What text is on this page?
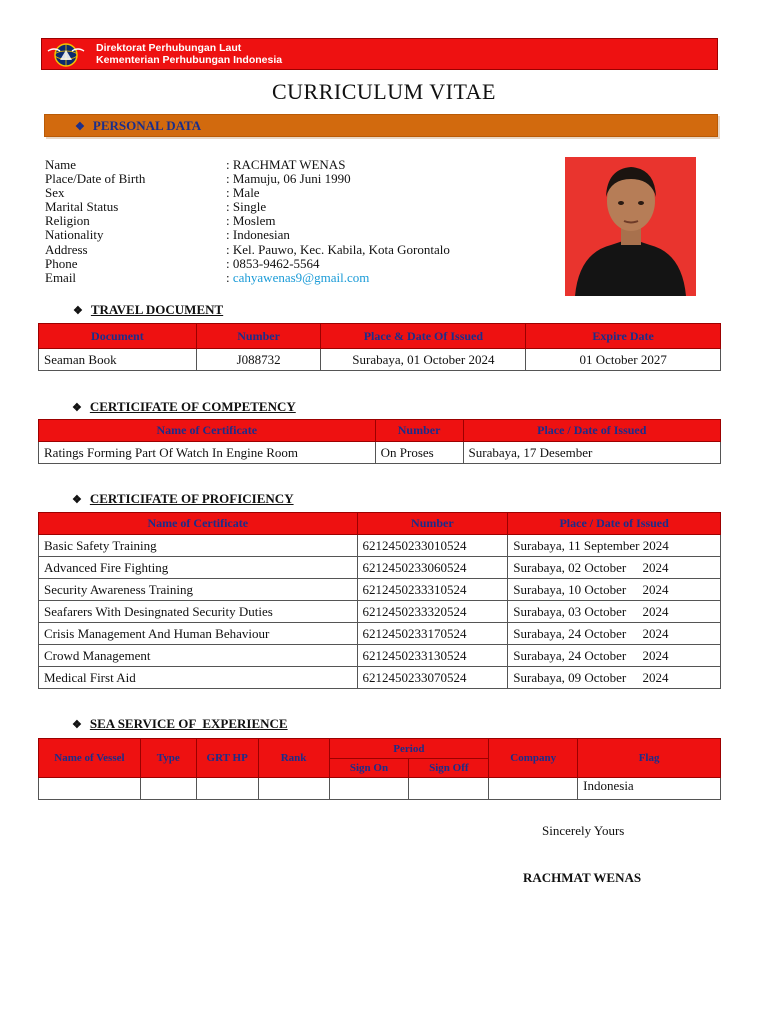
Direktorat Perhubungan Laut
Kementerian Perhubungan Indonesia
CURRICULUM VITAE
❖ PERSONAL DATA
Name	: RACHMAT WENAS
Place/Date of Birth	: Mamuju, 06 Juni 1990
Sex	: Male
Marital Status	: Single
Religion	: Moslem
Nationality	: Indonesian
Address	: Kel. Pauwo, Kec. Kabila, Kota Gorontalo
Phone	: 0853-9462-5564
Email	: cahyawenas9@gmail.com
❖ TRAVEL DOCUMENT
Document	Number	Place & Date Of Issued	Expire Date
Seaman Book	J088732	Surabaya, 01 October 2024	01 October 2027
❖ CERTICIFATE OF COMPETENCY
Name of Certificate	Number	Place / Date of Issued
Ratings Forming Part Of Watch In Engine Room	On Proses	Surabaya, 17 Desember
❖ CERTICIFATE OF PROFICIENCY
Name of Certificate	Number	Place / Date of Issued
Basic Safety Training	6212450233010524	Surabaya, 11 September 2024
Advanced Fire Fighting	6212450233060524	Surabaya, 02 October     2024
Security Awareness Training	6212450233310524	Surabaya, 10 October     2024
Seafarers With Desingnated Security Duties	6212450233320524	Surabaya, 03 October     2024
Crisis Management And Human Behaviour	6212450233170524	Surabaya, 24 October     2024
Crowd Management	6212450233130524	Surabaya, 24 October     2024
Medical First Aid	6212450233070524	Surabaya, 09 October     2024
❖ SEA SERVICE OF  EXPERIENCE
Name of Vessel	Type	GRT HP	Rank	Period		Company	Flag
				Sign On	Sign Off		
							Indonesia
Sincerely Yours
RACHMAT WENAS
